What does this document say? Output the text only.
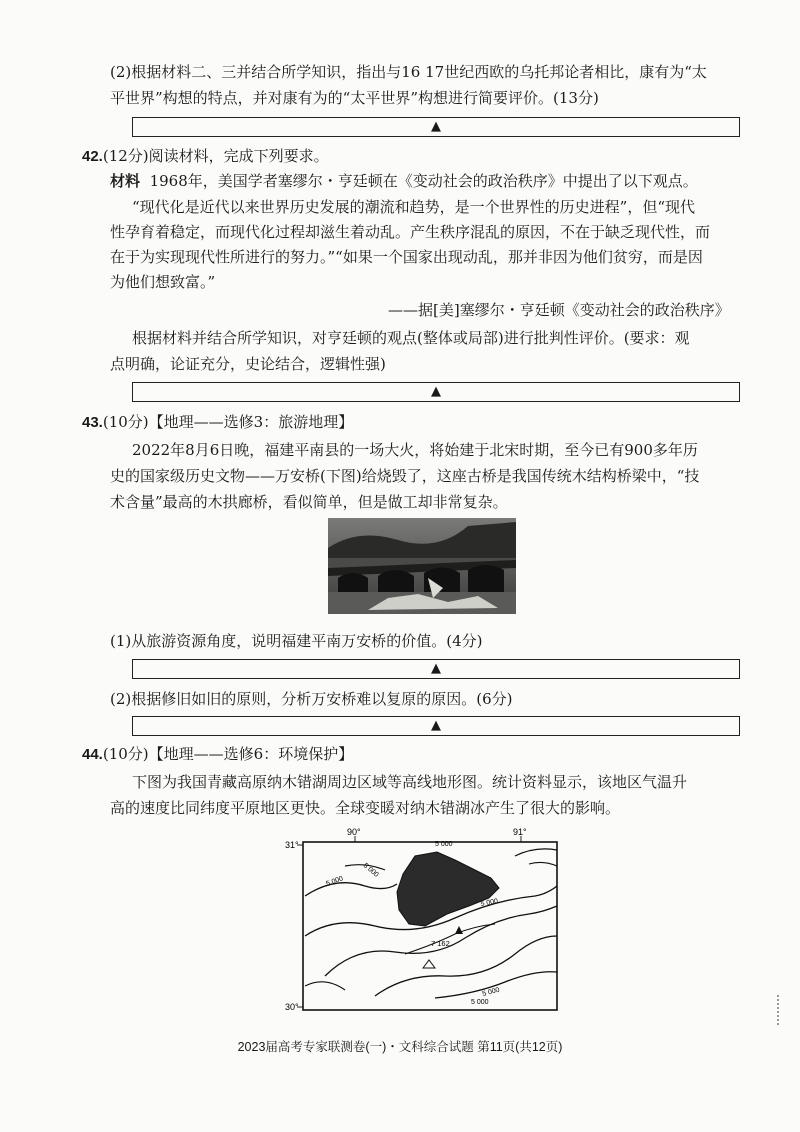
(2)根据材料二、三并结合所学知识，指出与16 17世纪西欧的乌托邦论者相比，康有为“太
平世界”构想的特点，并对康有为的“太平世界”构想进行简要评价。(13分)
▲
42.(12分)阅读材料，完成下列要求。
材料 1968年，美国学者塞缪尔・亨廷顿在《变动社会的政治秩序》中提出了以下观点。
“现代化是近代以来世界历史发展的潮流和趋势，是一个世界性的历史进程”，但“现代
性孕育着稳定，而现代化过程却滋生着动乱。产生秩序混乱的原因，不在于缺乏现代性，而
在于为实现现代性所进行的努力。”“如果一个国家出现动乱，那并非因为他们贫穷，而是因
为他们想致富。”
——据[美]塞缪尔・亨廷顿《变动社会的政治秩序》
根据材料并结合所学知识，对亨廷顿的观点(整体或局部)进行批判性评价。(要求：观
点明确，论证充分，史论结合，逻辑性强)
▲
43.(10分)【地理——选修3：旅游地理】
2022年8月6日晚，福建平南县的一场大火，将始建于北宋时期，至今已有900多年历
史的国家级历史文物——万安桥(下图)给烧毁了，这座古桥是我国传统木结构桥梁中，“技
术含量”最高的木拱廊桥，看似简单，但是做工却非常复杂。
(1)从旅游资源角度，说明福建平南万安桥的价值。(4分)
▲
(2)根据修旧如旧的原则，分析万安桥难以复原的原因。(6分)
▲
44.(10分)【地理——选修6：环境保护】
下图为我国青藏高原纳木错湖周边区域等高线地形图。统计资料显示，该地区气温升
高的速度比同纬度平原地区更快。全球变暖对纳木错湖冰产生了很大的影响。
90°	91°
31°
30°
5 000
5 000
5 000
5 000
5 000
5 000
7 162
2023届高考专家联测卷(一)・文科综合试题 第11页(共12页)
